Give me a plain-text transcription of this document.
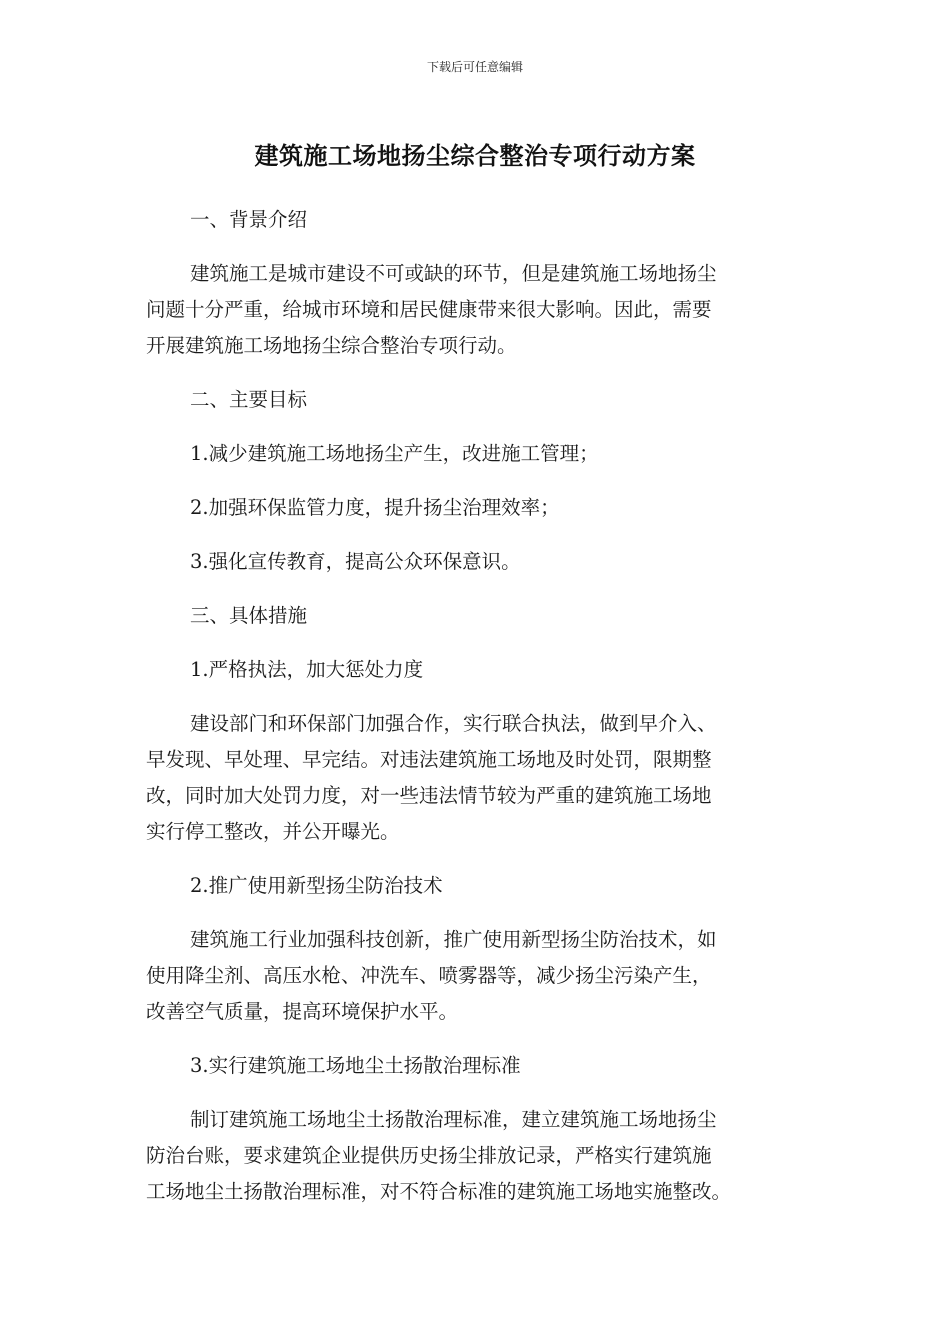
下载后可任意编辑
建筑施工场地扬尘综合整治专项行动方案
一、背景介绍
建筑施工是城市建设不可或缺的环节，但是建筑施工场地扬尘
问题十分严重，给城市环境和居民健康带来很大影响。因此，需要
开展建筑施工场地扬尘综合整治专项行动。
二、主要目标
1.减少建筑施工场地扬尘产生，改进施工管理；
2.加强环保监管力度，提升扬尘治理效率；
3.强化宣传教育，提高公众环保意识。
三、具体措施
1.严格执法，加大惩处力度
建设部门和环保部门加强合作，实行联合执法，做到早介入、
早发现、早处理、早完结。对违法建筑施工场地及时处罚，限期整
改，同时加大处罚力度，对一些违法情节较为严重的建筑施工场地
实行停工整改，并公开曝光。
2.推广使用新型扬尘防治技术
建筑施工行业加强科技创新，推广使用新型扬尘防治技术，如
使用降尘剂、高压水枪、冲洗车、喷雾器等，减少扬尘污染产生，
改善空气质量，提高环境保护水平。
3.实行建筑施工场地尘土扬散治理标准
制订建筑施工场地尘土扬散治理标准，建立建筑施工场地扬尘
防治台账，要求建筑企业提供历史扬尘排放记录，严格实行建筑施
工场地尘土扬散治理标准，对不符合标准的建筑施工场地实施整改。
